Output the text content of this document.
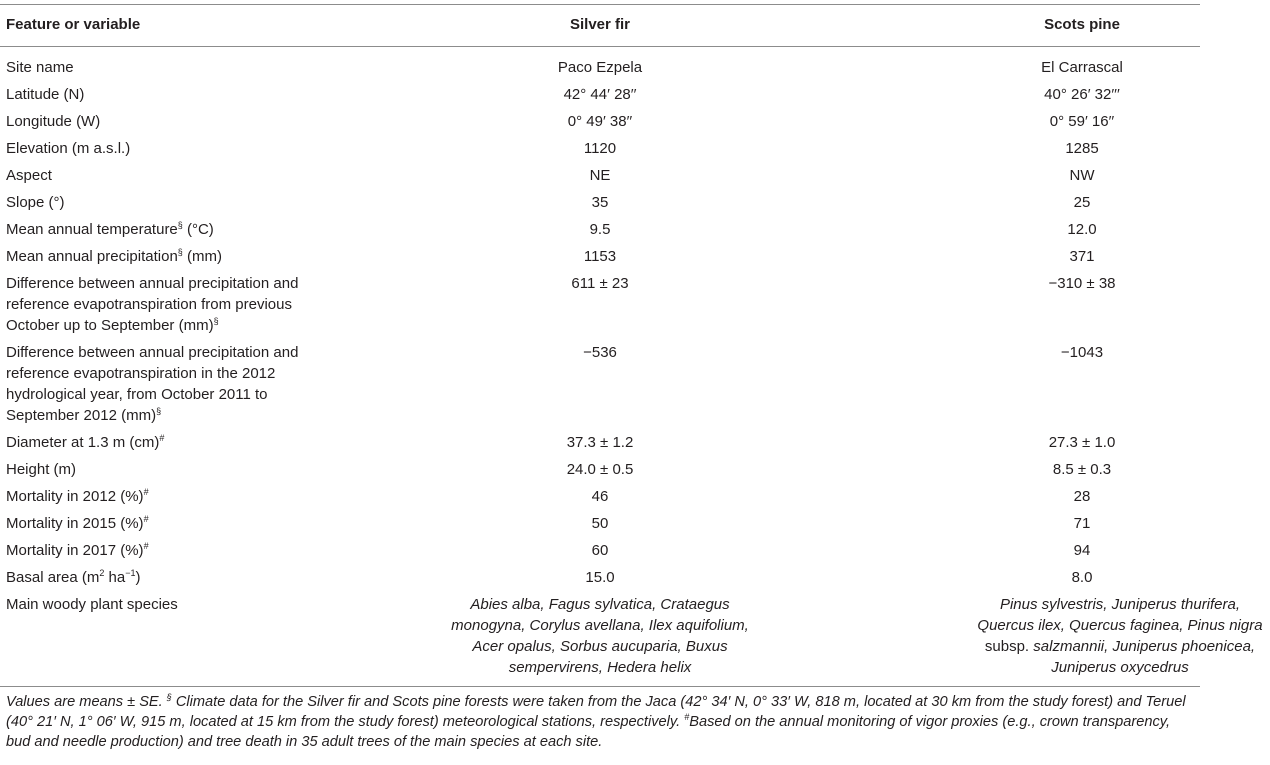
Feature or variable	Silver fir	Scots pine
Site name	Paco Ezpela	El Carrascal
Latitude (N)	42° 44′ 28′′	40° 26′ 32′′′
Longitude (W)	0° 49′ 38′′	0° 59′ 16′′
Elevation (m a.s.l.)	1120	1285
Aspect	NE	NW
Slope (°)	35	25
Mean annual temperature§ (°C)	9.5	12.0
Mean annual precipitation§ (mm)	1153	371

Difference between annual precipitation and reference evapotranspiration from previous October up to September (mm)§	611 ± 23	−310 ± 38

Difference between annual precipitation and reference evapotranspiration in the 2012 hydrological year, from October 2011 to September 2012 (mm)§	−536	−1043
Diameter at 1.3 m (cm)#	37.3 ± 1.2	27.3 ± 1.0
Height (m)	24.0 ± 0.5	8.5 ± 0.3
Mortality in 2012 (%)#	46	28
Mortality in 2015 (%)#	50	71
Mortality in 2017 (%)#	60	94
Basal area ($m^2$ $ha^{-1}$)	15.0	8.0
Main woody plant species	Abies alba, Fagus sylvatica, Crataegus monogyna, Corylus avellana, Ilex aquifolium, Acer opalus, Sorbus aucuparia, Buxus sempervirens, Hedera helix	Pinus sylvestris, Juniperus thurifera, Quercus ilex, Quercus faginea, Pinus nigra subsp. salzmannii, Juniperus phoenicea, Juniperus oxycedrus
Values are means ± SE. § Climate data for the Silver fir and Scots pine forests were taken from the Jaca (42° 34′ N, 0° 33′ W, 818 m, located at 30 km from the study forest) and Teruel (40° 21′ N, 1° 06′ W, 915 m, located at 15 km from the study forest) meteorological stations, respectively. #Based on the annual monitoring of vigor proxies (e.g., crown transparency, bud and needle production) and tree death in 35 adult trees of the main species at each site.
